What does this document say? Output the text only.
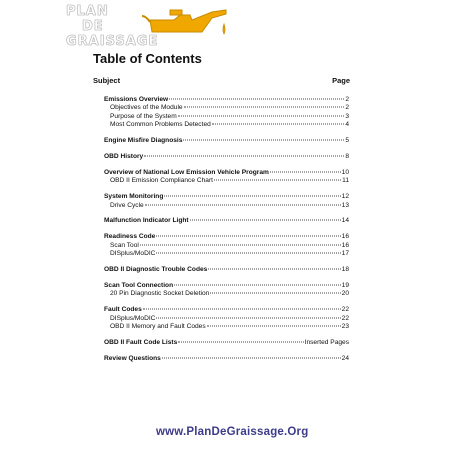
PLAN
DE
GRAISSAGE
Table of Contents
Subject	Page
Emissions Overview	2
Objectives of the Module	2
Purpose of the System	3
Most Common Problems Detected	4
Engine Misfire Diagnosis	5
OBD History	8
Overview of National Low Emission Vehicle Program	10
OBD II Emission Compliance Chart	11
System Monitoring	12
Drive Cycle	13
Malfunction Indicator Light	14
Readiness Code	16
Scan Tool	16
DISplus/MoDIC	17
OBD II Diagnostic Trouble Codes	18
Scan Tool Connection	19
20 Pin Diagnostic Socket Deletion	20
Fault Codes	22
DISplus/MoDIC	22
OBD II Memory and Fault Codes	23
OBD II Fault Code Lists	Inserted Pages
Review Questions	24
www.PlanDeGraissage.Org
